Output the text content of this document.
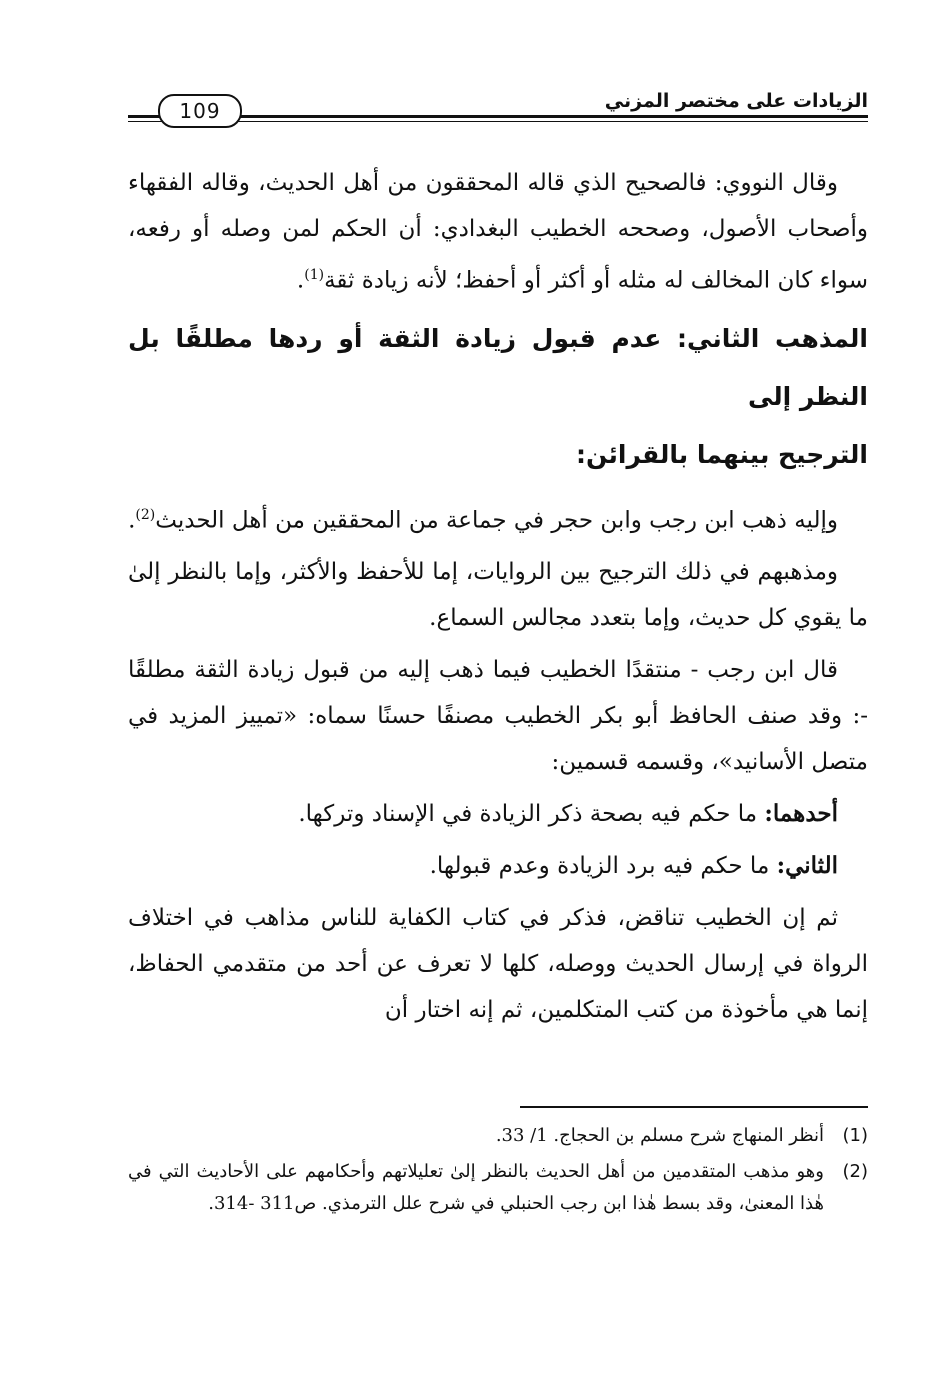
الزيادات على مختصر المزني
109

وقال النووي: فالصحيح الذي قاله المحققون من أهل الحديث، وقاله الفقهاء وأصحاب الأصول، وصححه الخطيب البغدادي: أن الحكم لمن وصله أو رفعه، سواء كان المخالف له مثله أو أكثر أو أحفظ؛ لأنه زيادة ثقة$^{(1)}$.

المذهب الثاني: عدم قبول زيادة الثقة أو ردها مطلقًا بل النظر إلى
الترجيح بينهما بالقرائن:

وإليه ذهب ابن رجب وابن حجر في جماعة من المحققين من أهل الحديث$^{(2)}$.

ومذهبهم في ذلك الترجيح بين الروايات، إما للأحفظ والأكثر، وإما بالنظر إلىٰ ما يقوي كل حديث، وإما بتعدد مجالس السماع.

قال ابن رجب - منتقدًا الخطيب فيما ذهب إليه من قبول زيادة الثقة مطلقًا -: وقد صنف الحافظ أبو بكر الخطيب مصنفًا حسنًا سماه: «تمييز المزيد في متصل الأسانيد»، وقسمه قسمين:

أحدهما: ما حكم فيه بصحة ذكر الزيادة في الإسناد وتركها.

الثاني: ما حكم فيه برد الزيادة وعدم قبولها.

ثم إن الخطيب تناقض، فذكر في كتاب الكفاية للناس مذاهب في اختلاف الرواة في إرسال الحديث ووصله، كلها لا تعرف عن أحد من متقدمي الحفاظ، إنما هي مأخوذة من كتب المتكلمين، ثم إنه اختار أن

(1)
أنظر المنهاج شرح مسلم بن الحجاج. 1/ 33.
(2)
وهو مذهب المتقدمين من أهل الحديث بالنظر إلىٰ تعليلاتهم وأحكامهم على الأحاديث التي في هٰذا المعنىٰ، وقد بسط هٰذا ابن رجب الحنبلي في شرح علل الترمذي. ص311 -314.
